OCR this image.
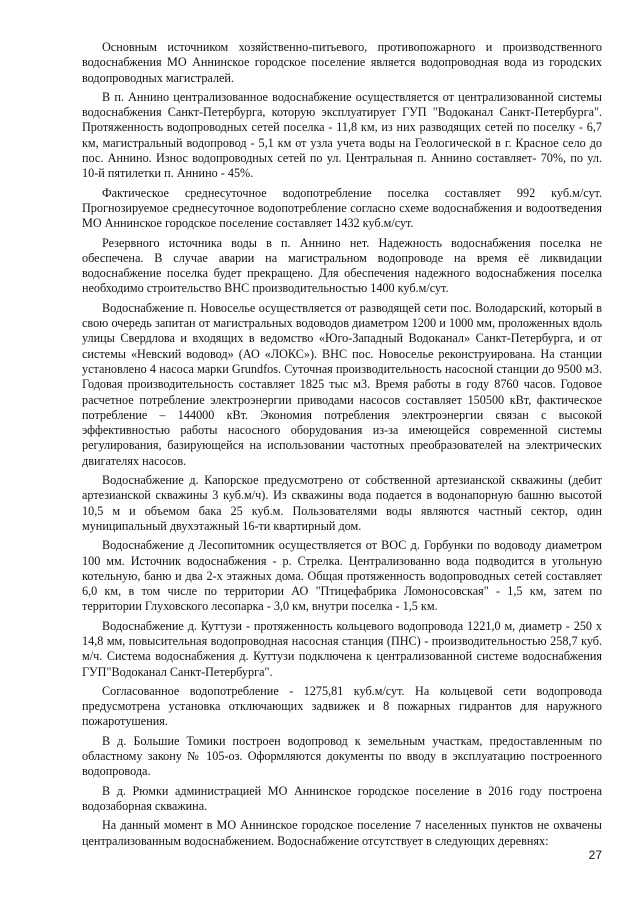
Основным источником хозяйственно-питьевого, противопожарного и производственного водоснабжения МО Аннинское городское поселение является водопроводная вода из городских водопроводных магистралей.

В п. Аннино централизованное водоснабжение осуществляется от централизованной системы водоснабжения Санкт-Петербурга, которую эксплуатирует ГУП "Водоканал Санкт-Петербурга". Протяженность водопроводных сетей поселка - 11,8 км, из них разводящих сетей по поселку - 6,7 км, магистральный водопровод - 5,1 км от узла учета воды на Геологической в г. Красное село до пос. Аннино. Износ водопроводных сетей по ул. Центральная п. Аннино составляет- 70%, по ул. 10-й пятилетки п. Аннино - 45%.

Фактическое среднесуточное водопотребление поселка составляет 992 куб.м/сут. Прогнозируемое среднесуточное водопотребление согласно схеме водоснабжения и водоотведения МО Аннинское городское поселение составляет 1432 куб.м/сут.

Резервного источника воды в п. Аннино нет. Надежность водоснабжения поселка не обеспечена. В случае аварии на магистральном водопроводе на время её ликвидации водоснабжение поселка будет прекращено. Для обеспечения надежного водоснабжения поселка необходимо строительство ВНС производительностью 1400 куб.м/сут.

Водоснабжение п. Новоселье осуществляется от разводящей сети пос. Володарский, который в свою очередь запитан от магистральных водоводов диаметром 1200 и 1000 мм, проложенных вдоль улицы Свердлова и входящих в ведомство «Юго-Западный Водоканал» Санкт-Петербурга, и от системы «Невский водовод» (АО «ЛОКС»). ВНС пос. Новоселье реконструирована. На станции установлено 4 насоса марки Grundfos. Суточная производительность насосной станции до 9500 м3. Годовая производительность составляет 1825 тыс м3. Время работы в году 8760 часов. Годовое расчетное потребление электроэнергии приводами насосов составляет 150500 кВт, фактическое потребление – 144000 кВт. Экономия потребления электроэнергии связан с высокой эффективностью работы насосного оборудования из-за имеющейся современной системы регулирования, базирующейся на использовании частотных преобразователей на электрических двигателях насосов.

Водоснабжение д. Капорское предусмотрено от собственной артезианской скважины (дебит артезианской скважины 3 куб.м/ч). Из скважины вода подается в водонапорную башню высотой 10,5 м и объемом бака 25 куб.м. Пользователями воды являются частный сектор, один муниципальный двухэтажный 16-ти квартирный дом.

Водоснабжение д Лесопитомник осуществляется от ВОС д. Горбунки по водоводу диаметром 100 мм. Источник водоснабжения - р. Стрелка. Централизованно вода подводится в угольную котельную, баню и два 2-х этажных дома. Общая протяженность водопроводных сетей составляет 6,0 км, в том числе по территории АО "Птицефабрика Ломоносовская" - 1,5 км, затем по территории Глуховского лесопарка - 3,0 км, внутри поселка - 1,5 км.

Водоснабжение д. Куттузи - протяженность кольцевого водопровода 1221,0 м, диаметр - 250 х 14,8 мм, повысительная водопроводная насосная станция (ПНС) - производительностью 258,7 куб. м/ч. Система водоснабжения д. Куттузи подключена к централизованной системе водоснабжения ГУП"Водоканал Санкт-Петербурга".

Согласованное водопотребление - 1275,81 куб.м/сут. На кольцевой сети водопровода предусмотрена установка отключающих задвижек и 8 пожарных гидрантов для наружного пожаротушения.

В д. Большие Томики построен водопровод к земельным участкам, предоставленным по областному закону № 105-оз. Оформляются документы по вводу в эксплуатацию построенного водопровода.

В д. Рюмки администрацией МО Аннинское городское поселение в 2016 году построена водозаборная скважина.

На данный момент в МО Аннинское городское поселение 7 населенных пунктов не охвачены централизованным водоснабжением. Водоснабжение отсутствует в следующих деревнях:

27
